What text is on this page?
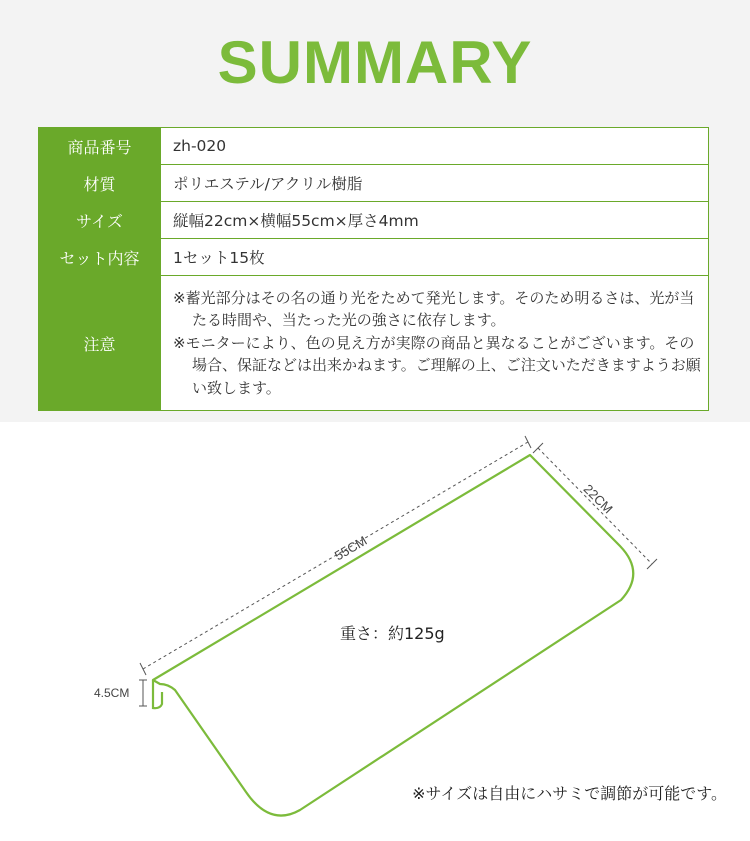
SUMMARY
商品番号	zh-020
材質	ポリエステル/アクリル樹脂
サイズ	縦幅22cm×横幅55cm×厚さ4mm
セット内容	1セット15枚
注意	※蓄光部分はその名の通り光をためて発光します。そのため明るさは、光が当たる時間や、当たった光の強さに依存します。
※モニターにより、色の見え方が実際の商品と異なることがございます。その場合、保証などは出来かねます。ご理解の上、ご注文いただきますようお願い致します。
55CM
22CM
4.5CM
重さ：約125g
※サイズは自由にハサミで調節が可能です。
